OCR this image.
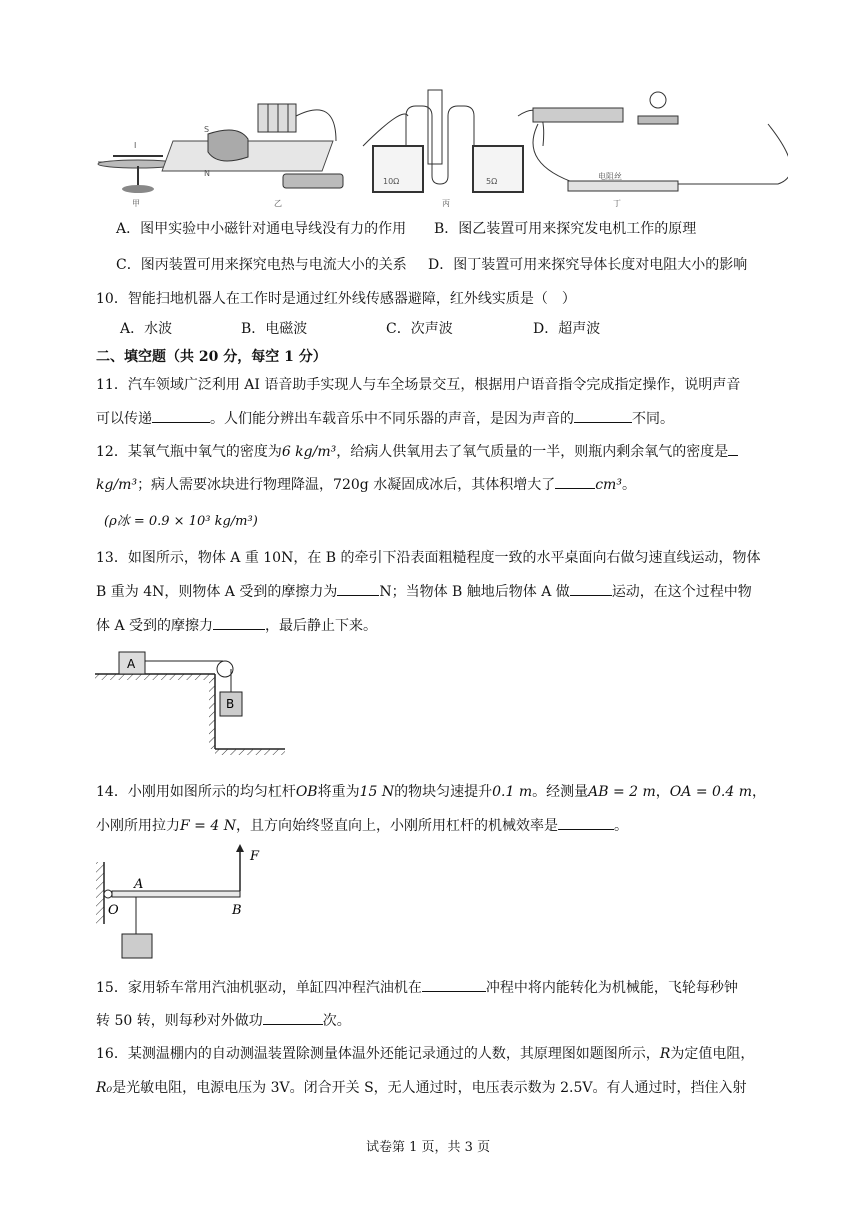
I
甲
S
N
乙
10Ω	5Ω
丙
电阻丝
丁
A．图甲实验中小磁针对通电导线没有力的作用 B．图乙装置可用来探究发电机工作的原理
C．图丙装置可用来探究电热与电流大小的关系 D．图丁装置可用来探究导体长度对电阻大小的影响
10．智能扫地机器人在工作时是通过红外线传感器避障，红外线实质是（　）
A．水波	B．电磁波	C．次声波	D．超声波
二、填空题（共 20 分，每空 1 分）
11．汽车领域广泛利用 AI 语音助手实现人与车全场景交互，根据用户语音指令完成指定操作，说明声音
可以传递	。人们能分辨出车载音乐中不同乐器的声音，是因为声音的	不同。
12．某氧气瓶中氧气的密度为6 kg/m³，给病人供氧用去了氧气质量的一半，则瓶内剩余氧气的密度是
kg/m³；病人需要冰块进行物理降温，720g 水凝固成冰后，其体积增大了	cm³。
(ρ冰 = 0.9 × 10³ kg/m³)
13．如图所示，物体 A 重 10N，在 B 的牵引下沿表面粗糙程度一致的水平桌面向右做匀速直线运动，物体
B 重为 4N，则物体 A 受到的摩擦力为	N；当物体 B 触地后物体 A 做	运动，在这个过程中物
体 A 受到的摩擦力	，最后静止下来。
A
B
14．小刚用如图所示的均匀杠杆OB将重为15 N的物块匀速提升0.1 m。经测量AB = 2 m，OA = 0.4 m，
小刚所用拉力F = 4 N，且方向始终竖直向上，小刚所用杠杆的机械效率是	。
F
A
O	B
15．家用轿车常用汽油机驱动，单缸四冲程汽油机在	冲程中将内能转化为机械能，飞轮每秒钟
转 50 转，则每秒对外做功	次。
16．某测温棚内的自动测温装置除测量体温外还能记录通过的人数，其原理图如题图所示，R为定值电阻，
R₀是光敏电阻，电源电压为 3V。闭合开关 S，无人通过时，电压表示数为 2.5V。有人通过时，挡住入射
试卷第 1 页，共 3 页
